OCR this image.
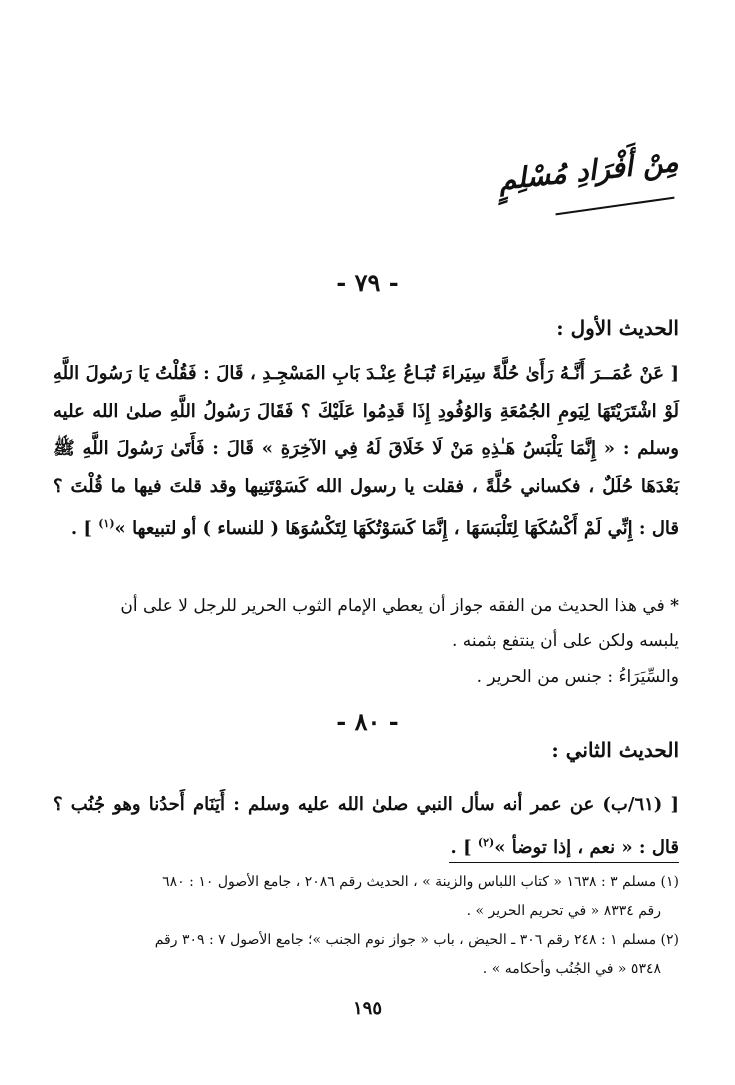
مِنْ أَفْرَادِ مُسْلِمٍ
- ٧٩ -
الحديث الأول :
[ عَنْ عُمَــرَ أَنَّـهُ رَأَىٰ حُلَّةً سِيَراءَ تُبَـاعُ عِنْـدَ بَابِ المَسْجِـدِ ، قَالَ : فَقُلْتُ يَا رَسُولَ اللَّهِ لَوْ اشْتَرَيْتَهَا لِيَومِ الجُمُعَةِ وَالوُفُودِ إِذَا قَدِمُوا عَلَيْكَ ؟ فَقَالَ رَسُولُ اللَّهِ صلىٰ الله عليه وسلم : « إِنَّمَا يَلْبَسُ هَـٰذِهِ مَنْ لَا خَلَاقَ لَهُ فِي الآخِرَةِ » قَالَ : فَأَتَىٰ رَسُولَ اللَّهِ ﷺ بَعْدَهَا حُلَلٌ ، فكساني حُلَّةً ، فقلت يا رسول الله كَسَوْتَنِيها وقد قلتَ فيها ما قُلْتَ ؟ قال : إِنِّي لَمْ أَكْسُكَهَا لِتَلْبَسَهَا ، إِنَّمَا كَسَوْتُكَهَا لِتَكْسُوَهَا ( للنساء ) أو لتبيعها »$^{(١)}$ ] .
* في هذا الحديث من الفقه جواز أن يعطي الإمام الثوب الحرير للرجل لا على أن
يلبسه ولكن على أن ينتفع بثمنه .
والسِّيَرَاءُ : جنس من الحرير .
- ٨٠ -
الحديث الثاني :
[ (٦١/ب) عن عمر أنه سأل النبي صلىٰ الله عليه وسلم : أَيَنَام أَحدُنا وهو جُنُب ؟ قال : « نعم ، إذا توضأ »$^{(٢)}$ ] .
(١) مسلم ٣ : ١٦٣٨ « كتاب اللباس والزينة » ، الحديث رقم ٢٠٨٦ ، جامع الأصول ١٠ : ٦٨٠
رقم ٨٣٣٤ « في تحريم الحرير » .
(٢) مسلم ١ : ٢٤٨ رقم ٣٠٦ ـ الحيض ، باب « جواز نوم الجنب »؛ جامع الأصول ٧ : ٣٠٩ رقم
٥٣٤٨ « في الجُنُب وأحكامه » .
١٩٥
